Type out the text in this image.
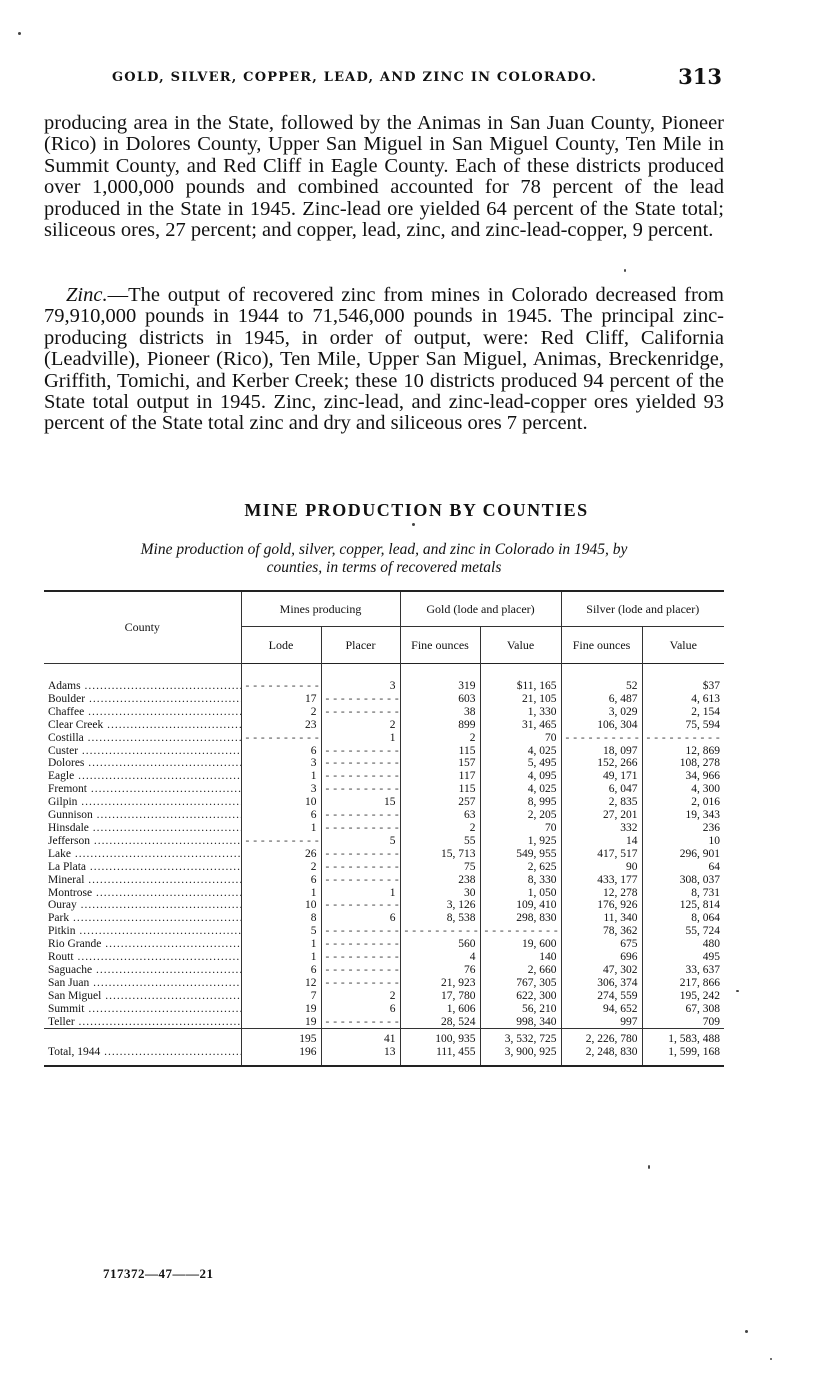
GOLD, SILVER, COPPER, LEAD, AND ZINC IN COLORADO.	313

producing area in the State, followed by the Animas in San Juan County, Pioneer (Rico) in Dolores County, Upper San Miguel in San Miguel County, Ten Mile in Summit County, and Red Cliff in Eagle County. Each of these districts produced over 1,000,000 pounds and combined accounted for 78 percent of the lead produced in the State in 1945. Zinc-lead ore yielded 64 percent of the State total; siliceous ores, 27 percent; and copper, lead, zinc, and zinc-lead-copper, 9 percent.

Zinc.—The output of recovered zinc from mines in Colorado decreased from 79,910,000 pounds in 1944 to 71,546,000 pounds in 1945. The principal zinc-producing districts in 1945, in order of output, were: Red Cliff, California (Leadville), Pioneer (Rico), Ten Mile, Upper San Miguel, Animas, Breckenridge, Griffith, Tomichi, and Kerber Creek; these 10 districts produced 94 percent of the State total output in 1945. Zinc, zinc-lead, and zinc-lead-copper ores yielded 93 percent of the State total zinc and dry and siliceous ores 7 percent.

MINE PRODUCTION BY COUNTIES
Mine production of gold, silver, copper, lead, and zinc in Colorado in 1945, by
counties, in terms of recovered metals
County	Mines producing		Gold (lode and placer)		Silver (lode and placer)	
	Lode	Placer	Fine ounces	Value	Fine ounces	Value
Adams .....	- - - - - - - - - -	3	319	$11, 165	52	$37
Boulder .....	17	- - - - - - - - - -	603	21, 105	6, 487	4, 613
Chaffee .....	2	- - - - - - - - - -	38	1, 330	3, 029	2, 154
Clear Creek .....	23	2	899	31, 465	106, 304	75, 594
Costilla .....	- - - - - - - - - -	1	2	70	- - - - - - - - - -	- - - - - - - - - -
Custer .....	6	- - - - - - - - - -	115	4, 025	18, 097	12, 869
Dolores .....	3	- - - - - - - - - -	157	5, 495	152, 266	108, 278
Eagle .....	1	- - - - - - - - - -	117	4, 095	49, 171	34, 966
Fremont .....	3	- - - - - - - - - -	115	4, 025	6, 047	4, 300
Gilpin .....	10	15	257	8, 995	2, 835	2, 016
Gunnison .....	6	- - - - - - - - - -	63	2, 205	27, 201	19, 343
Hinsdale .....	1	- - - - - - - - - -	2	70	332	236
Jefferson .....	- - - - - - - - - -	5	55	1, 925	14	10
Lake .....	26	- - - - - - - - - -	15, 713	549, 955	417, 517	296, 901
La Plata .....	2	- - - - - - - - - -	75	2, 625	90	64
Mineral .....	6	- - - - - - - - - -	238	8, 330	433, 177	308, 037
Montrose .....	1	1	30	1, 050	12, 278	8, 731
Ouray .....	10	- - - - - - - - - -	3, 126	109, 410	176, 926	125, 814
Park .....	8	6	8, 538	298, 830	11, 340	8, 064
Pitkin .....	5	- - - - - - - - - -	- - - - - - - - - -	- - - - - - - - - -	78, 362	55, 724
Rio Grande .....	1	- - - - - - - - - -	560	19, 600	675	480
Routt .....	1	- - - - - - - - - -	4	140	696	495
Saguache .....	6	- - - - - - - - - -	76	2, 660	47, 302	33, 637
San Juan .....	12	- - - - - - - - - -	21, 923	767, 305	306, 374	217, 866
San Miguel .....	7	2	17, 780	622, 300	274, 559	195, 242
Summit .....	19	6	1, 606	56, 210	94, 652	67, 308
Teller .....	19	- - - - - - - - - -	28, 524	998, 340	997	709
	195	41	100, 935	3, 532, 725	2, 226, 780	1, 583, 488
Total, 1944 .....	196	13	111, 455	3, 900, 925	2, 248, 830	1, 599, 168
717372—47——21
